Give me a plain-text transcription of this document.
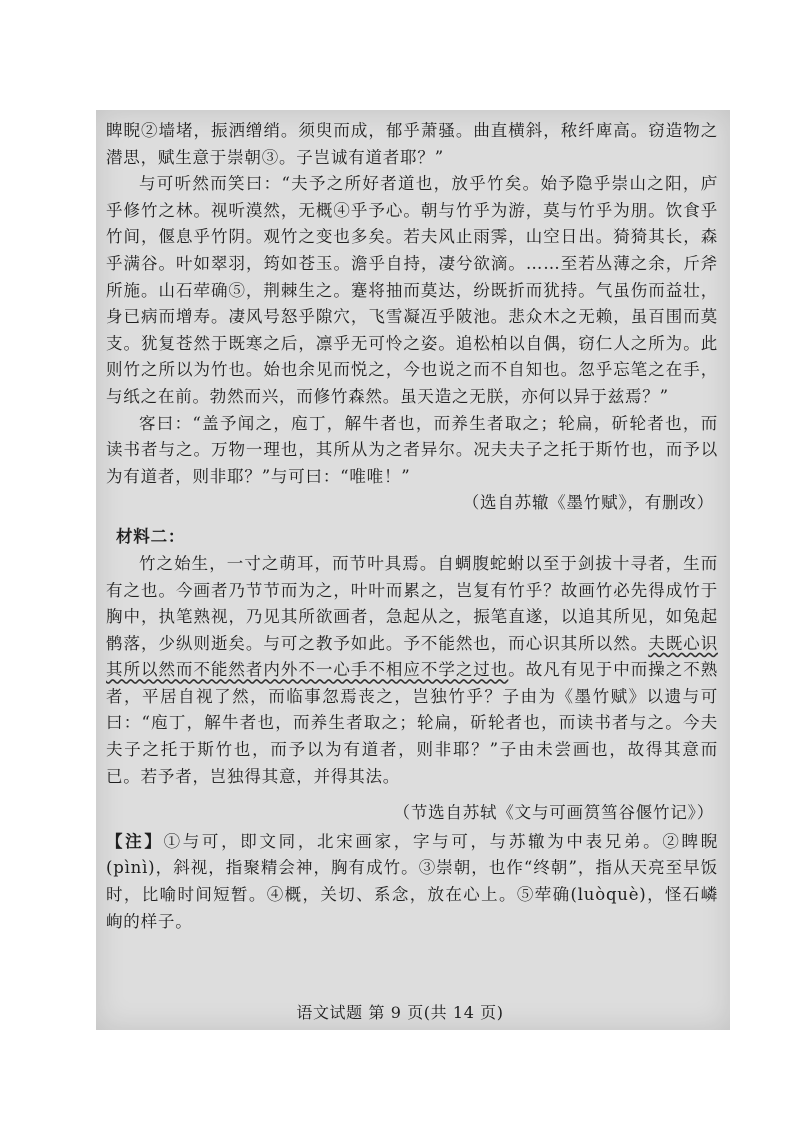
睥睨②墙堵，振洒缯绡。须臾而成，郁乎萧骚。曲直横斜，秾纤庳高。窃造物之潜思，赋生意于崇朝③。子岂诚有道者耶？”

与可听然而笑曰：“夫予之所好者道也，放乎竹矣。始予隐乎崇山之阳，庐乎修竹之林。视听漠然，无概④乎予心。朝与竹乎为游，莫与竹乎为朋。饮食乎竹间，偃息乎竹阴。观竹之变也多矣。若夫风止雨霁，山空日出。猗猗其长，森乎满谷。叶如翠羽，筠如苍玉。澹乎自持，凄兮欲滴。……至若丛薄之余，斤斧所施。山石荦确⑤，荆棘生之。蹇将抽而莫达，纷既折而犹持。气虽伤而益壮，身已病而增寿。凄风号怒乎隙穴，飞雪凝冱乎陂池。悲众木之无赖，虽百围而莫支。犹复苍然于既寒之后，凛乎无可怜之姿。追松柏以自偶，窃仁人之所为。此则竹之所以为竹也。始也余见而悦之，今也说之而不自知也。忽乎忘笔之在手，与纸之在前。勃然而兴，而修竹森然。虽天造之无朕，亦何以异于兹焉？”

客曰：“盖予闻之，庖丁，解牛者也，而养生者取之；轮扁，斫轮者也，而读书者与之。万物一理也，其所从为之者异尔。况夫夫子之托于斯竹也，而予以为有道者，则非耶？”与可曰：“唯唯！”

（选自苏辙《墨竹赋》，有删改）

材料二：

竹之始生，一寸之萌耳，而节叶具焉。自蜩腹蛇蚹以至于剑拔十寻者，生而有之也。今画者乃节节而为之，叶叶而累之，岂复有竹乎？故画竹必先得成竹于胸中，执笔熟视，乃见其所欲画者，急起从之，振笔直遂，以追其所见，如兔起鹘落，少纵则逝矣。与可之教予如此。予不能然也，而心识其所以然。夫既心识其所以然而不能然者内外不一心手不相应不学之过也。故凡有见于中而操之不熟者，平居自视了然，而临事忽焉丧之，岂独竹乎？子由为《墨竹赋》以遗与可曰：“庖丁，解牛者也，而养生者取之；轮扁，斫轮者也，而读书者与之。今夫夫子之托于斯竹也，而予以为有道者，则非耶？”子由未尝画也，故得其意而已。若予者，岂独得其意，并得其法。

（节选自苏轼《文与可画筼筜谷偃竹记》）

【注】①与可，即文同，北宋画家，字与可，与苏辙为中表兄弟。②睥睨(pìnì)，斜视，指聚精会神，胸有成竹。③崇朝，也作“终朝”，指从天亮至早饭时，比喻时间短暂。④概，关切、系念，放在心上。⑤荦确(luòquè)，怪石嶙峋的样子。

语文试题 第 9 页(共 14 页)
